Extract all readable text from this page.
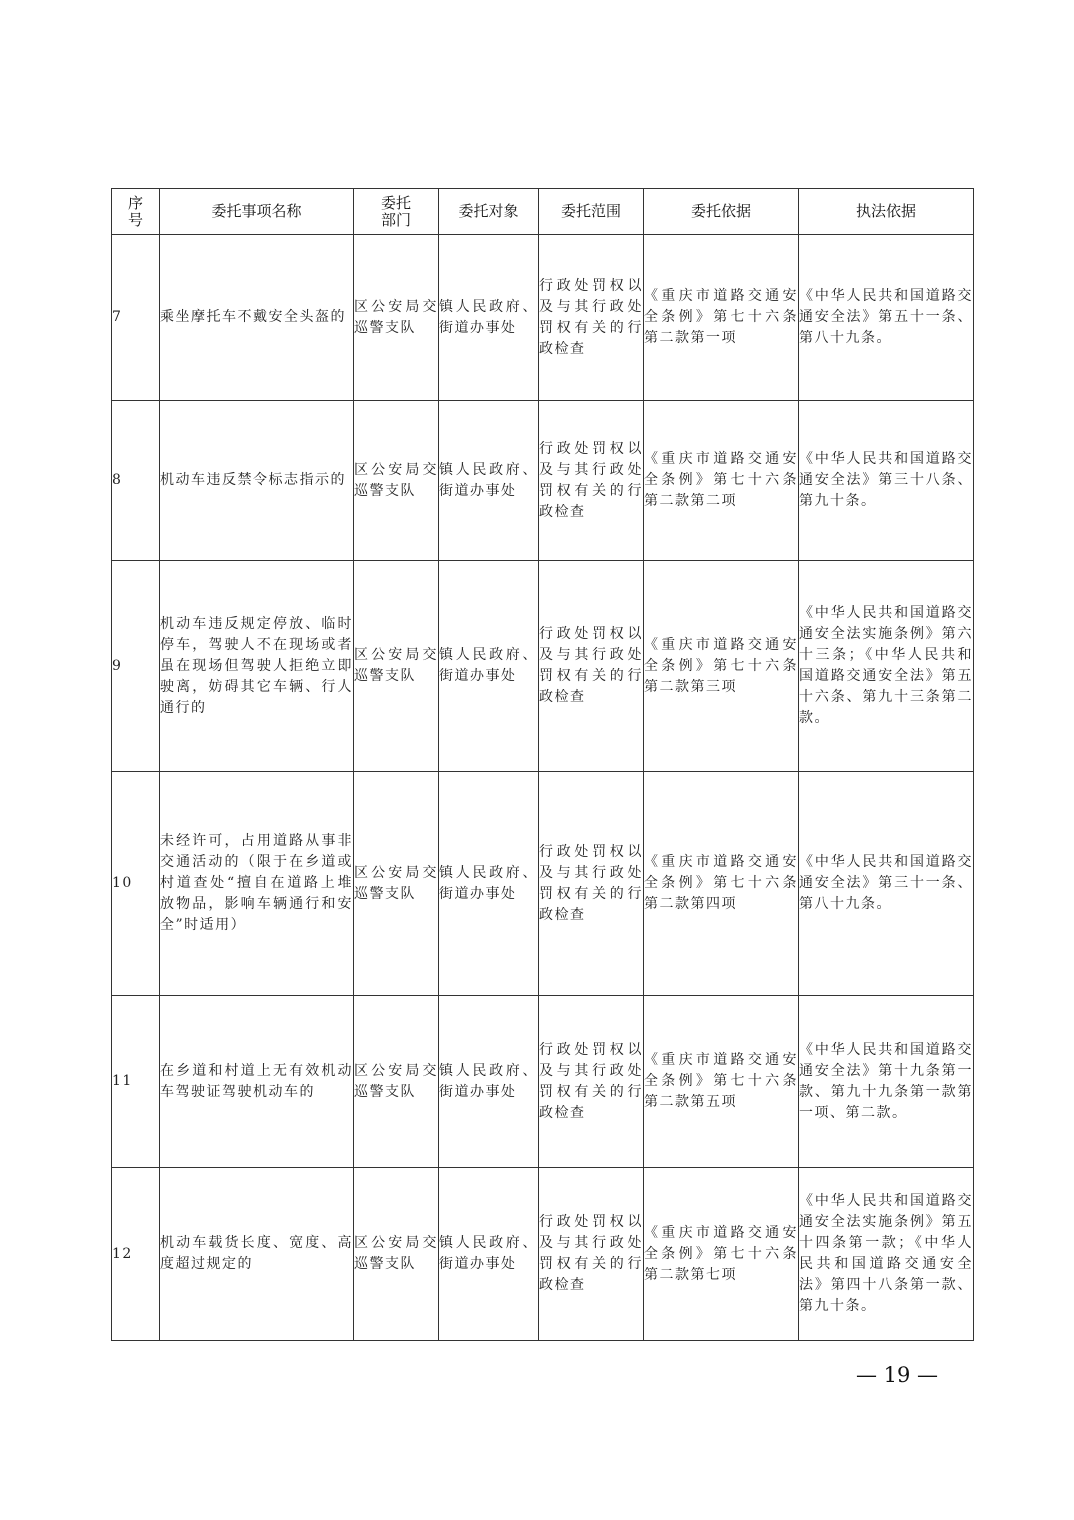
序号	委托事项名称	委托部门	委托对象	委托范围	委托依据	执法依据
7	乘坐摩托车不戴安全头盔的	区公安局交巡警支队	镇人民政府、街道办事处	行政处罚权以及与其行政处罚权有关的行政检查	《重庆市道路交通安全条例》第七十六条第二款第一项	《中华人民共和国道路交通安全法》第五十一条、第八十九条。
8	机动车违反禁令标志指示的	区公安局交巡警支队	镇人民政府、街道办事处	行政处罚权以及与其行政处罚权有关的行政检查	《重庆市道路交通安全条例》第七十六条第二款第二项	《中华人民共和国道路交通安全法》第三十八条、第九十条。
9	机动车违反规定停放、临时停车，驾驶人不在现场或者虽在现场但驾驶人拒绝立即驶离，妨碍其它车辆、行人通行的	区公安局交巡警支队	镇人民政府、街道办事处	行政处罚权以及与其行政处罚权有关的行政检查	《重庆市道路交通安全条例》第七十六条第二款第三项	《中华人民共和国道路交通安全法实施条例》第六十三条；《中华人民共和国道路交通安全法》第五十六条、第九十三条第二款。
10	未经许可，占用道路从事非交通活动的（限于在乡道或村道查处“擅自在道路上堆放物品，影响车辆通行和安全”时适用）	区公安局交巡警支队	镇人民政府、街道办事处	行政处罚权以及与其行政处罚权有关的行政检查	《重庆市道路交通安全条例》第七十六条第二款第四项	《中华人民共和国道路交通安全法》第三十一条、第八十九条。
11	在乡道和村道上无有效机动车驾驶证驾驶机动车的	区公安局交巡警支队	镇人民政府、街道办事处	行政处罚权以及与其行政处罚权有关的行政检查	《重庆市道路交通安全条例》第七十六条第二款第五项	《中华人民共和国道路交通安全法》第十九条第一款、第九十九条第一款第一项、第二款。
12	机动车载货长度、宽度、高度超过规定的	区公安局交巡警支队	镇人民政府、街道办事处	行政处罚权以及与其行政处罚权有关的行政检查	《重庆市道路交通安全条例》第七十六条第二款第七项	《中华人民共和国道路交通安全法实施条例》第五十四条第一款；《中华人民共和国道路交通安全法》第四十八条第一款、第九十条。
— 19 —
